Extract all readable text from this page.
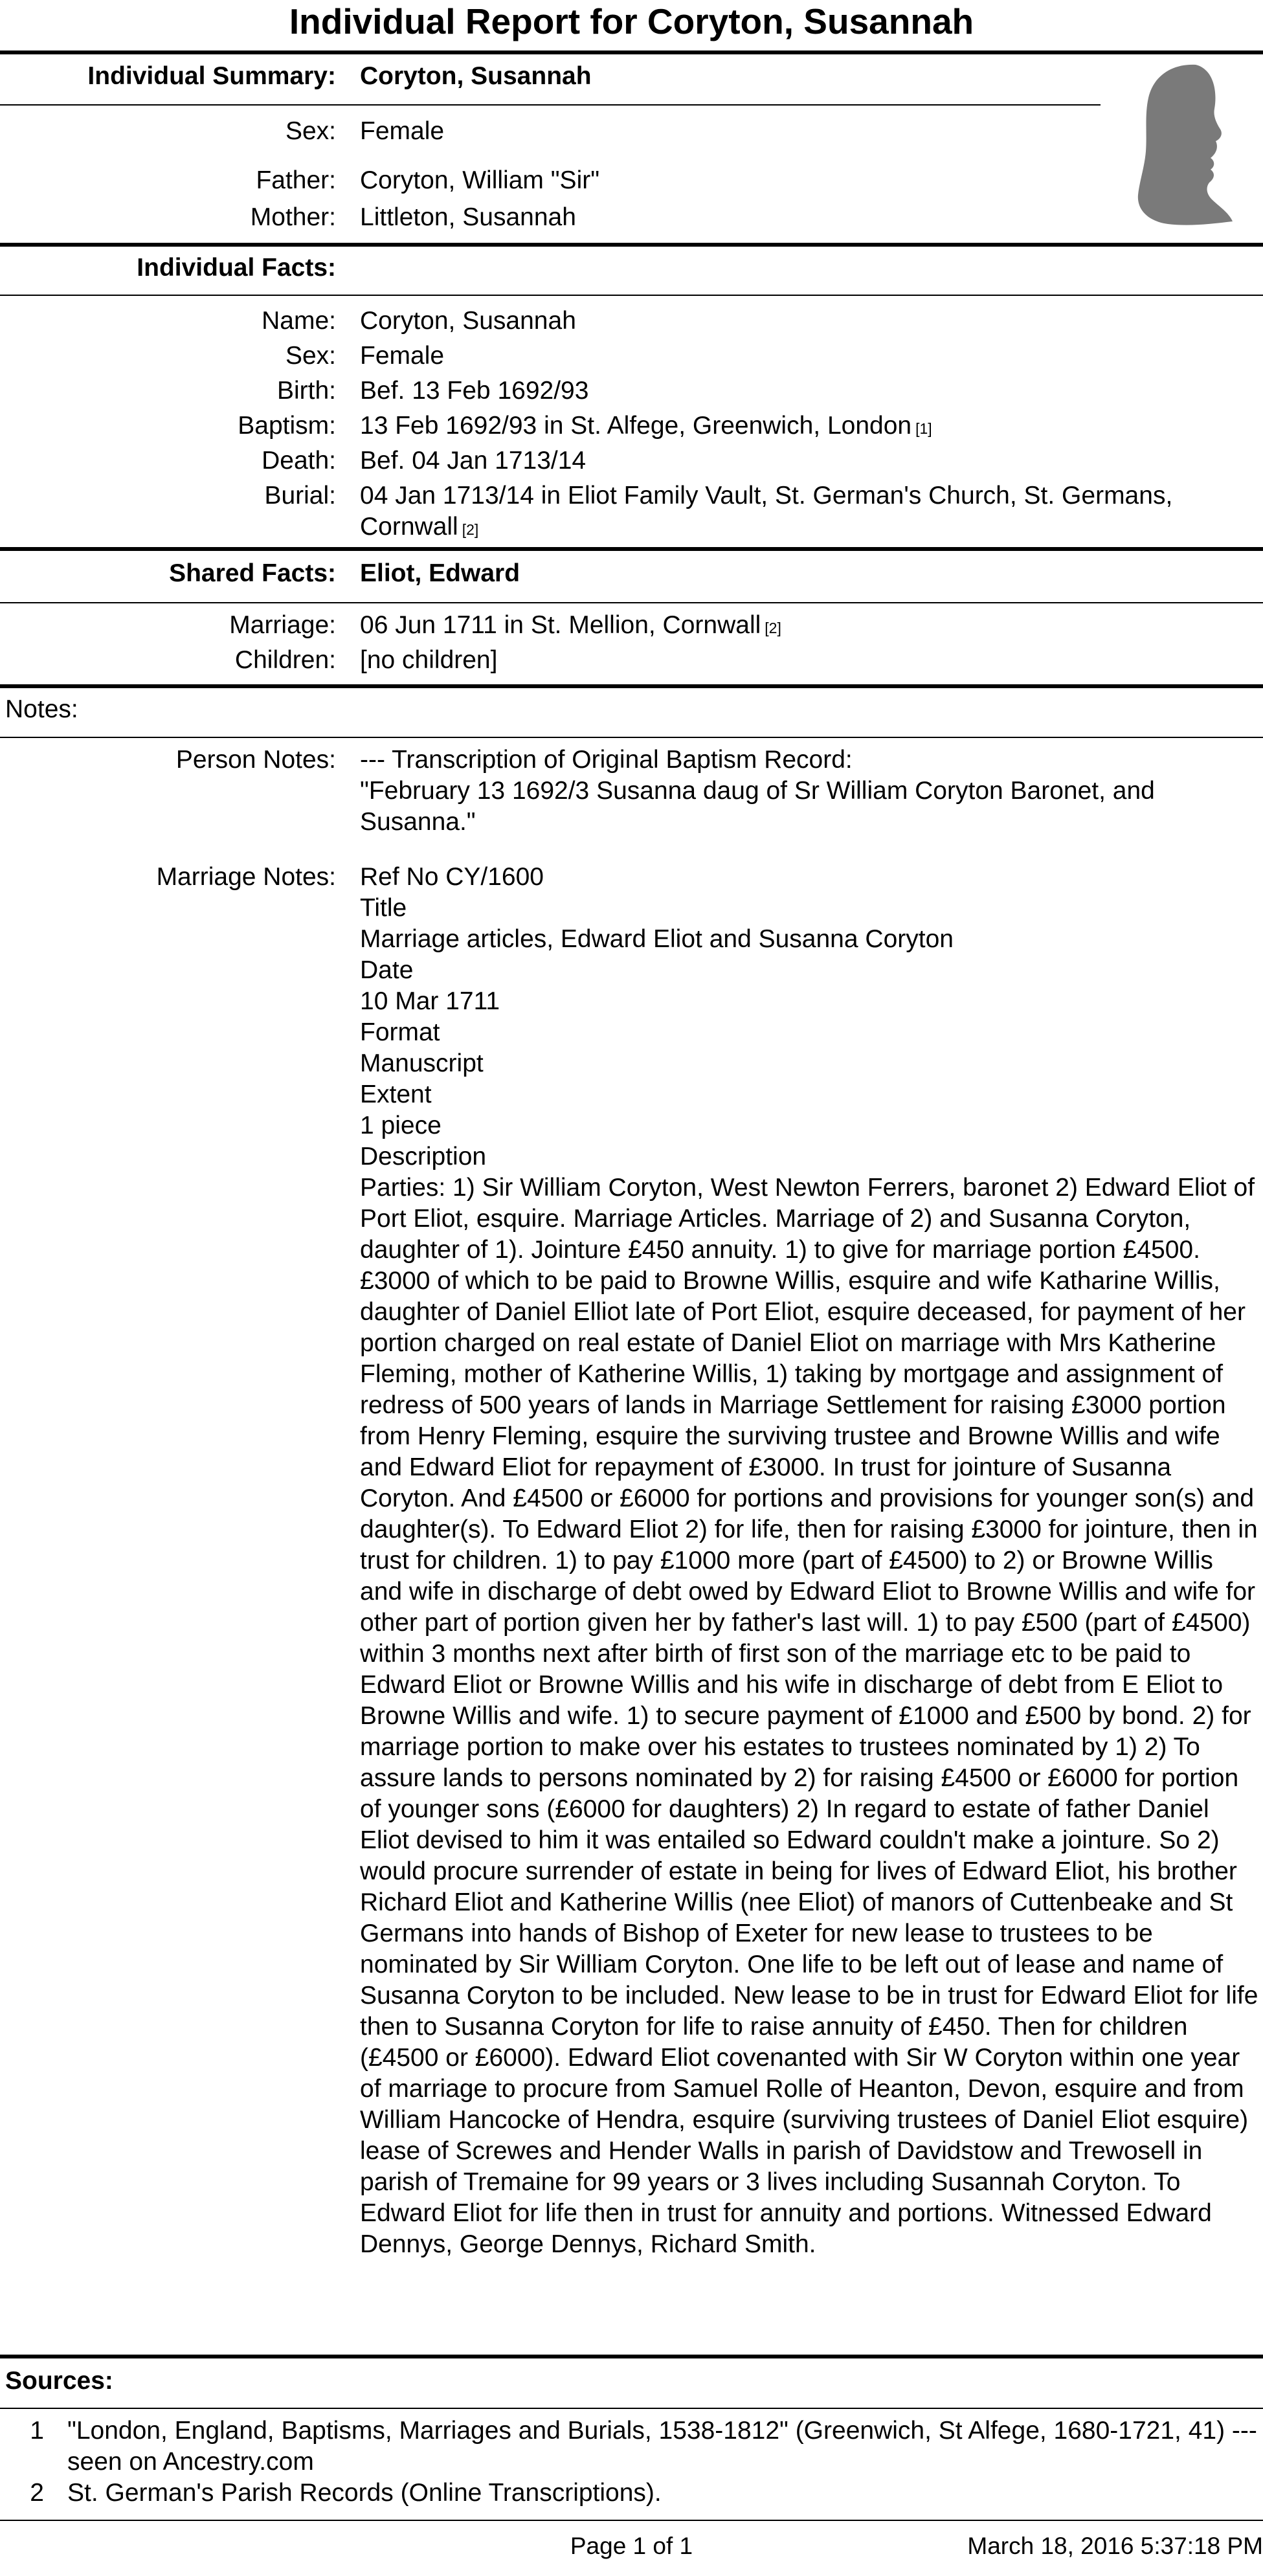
Individual Report for Coryton, Susannah
Individual Summary: Coryton, Susannah
Sex: Female
Father: Coryton, William "Sir"
Mother: Littleton, Susannah
Individual Facts:
Name: Coryton, Susannah
Sex: Female
Birth: Bef. 13 Feb 1692/93
Baptism: 13 Feb 1692/93 in St. Alfege, Greenwich, London [1]
Death: Bef. 04 Jan 1713/14
Burial: 04 Jan 1713/14 in Eliot Family Vault, St. German's Church, St. Germans, Cornwall [2]
Shared Facts: Eliot, Edward
Marriage: 06 Jun 1711 in St. Mellion, Cornwall [2]
Children: [no children]
Notes:
Person Notes: --- Transcription of Original Baptism Record:
"February 13 1692/3 Susanna daug of Sr William Coryton Baronet, and Susanna."
Marriage Notes: Ref No CY/1600
Title
Marriage articles, Edward Eliot and Susanna Coryton
Date
10 Mar 1711
Format
Manuscript
Extent
1 piece
Description
Parties: 1) Sir William Coryton, West Newton Ferrers, baronet 2) Edward Eliot of Port Eliot, esquire. Marriage Articles. Marriage of 2) and Susanna Coryton, daughter of 1). Jointure £450 annuity. 1) to give for marriage portion £4500. £3000 of which to be paid to Browne Willis, esquire and wife Katharine Willis, daughter of Daniel Elliot late of Port Eliot, esquire deceased, for payment of her portion charged on real estate of Daniel Eliot on marriage with Mrs Katherine Fleming, mother of Katherine Willis, 1) taking by mortgage and assignment of redress of 500 years of lands in Marriage Settlement for raising £3000 portion from Henry Fleming, esquire the surviving trustee and Browne Willis and wife and Edward Eliot for repayment of £3000. In trust for jointure of Susanna Coryton. And £4500 or £6000 for portions and provisions for younger son(s) and daughter(s). To Edward Eliot 2) for life, then for raising £3000 for jointure, then in trust for children. 1) to pay £1000 more (part of £4500) to 2) or Browne Willis and wife in discharge of debt owed by Edward Eliot to Browne Willis and wife for other part of portion given her by father's last will. 1) to pay £500 (part of £4500) within 3 months next after birth of first son of the marriage etc to be paid to Edward Eliot or Browne Willis and his wife in discharge of debt from E Eliot to Browne Willis and wife. 1) to secure payment of £1000 and £500 by bond. 2) for marriage portion to make over his estates to trustees nominated by 1) 2) To assure lands to persons nominated by 2) for raising £4500 or £6000 for portion of younger sons (£6000 for daughters) 2) In regard to estate of father Daniel Eliot devised to him it was entailed so Edward couldn't make a jointure. So 2) would procure surrender of estate in being for lives of Edward Eliot, his brother Richard Eliot and Katherine Willis (nee Eliot) of manors of Cuttenbeake and St Germans into hands of Bishop of Exeter for new lease to trustees to be nominated by Sir William Coryton. One life to be left out of lease and name of Susanna Coryton to be included. New lease to be in trust for Edward Eliot for life then to Susanna Coryton for life to raise annuity of £450. Then for children (£4500 or £6000). Edward Eliot covenanted with Sir W Coryton within one year of marriage to procure from Samuel Rolle of Heanton, Devon, esquire and from William Hancocke of Hendra, esquire (surviving trustees of Daniel Eliot esquire) lease of Screwes and Hender Walls in parish of Davidstow and Trewosell in parish of Tremaine for 99 years or 3 lives including Susannah Coryton. To Edward Eliot for life then in trust for annuity and portions. Witnessed Edward Dennys, George Dennys, Richard Smith.
Sources:
1 "London, England, Baptisms, Marriages and Burials, 1538-1812" (Greenwich, St Alfege, 1680-1721, 41) --- seen on Ancestry.com
2 St. German's Parish Records (Online Transcriptions).
Page 1 of 1	March 18, 2016 5:37:18 PM
